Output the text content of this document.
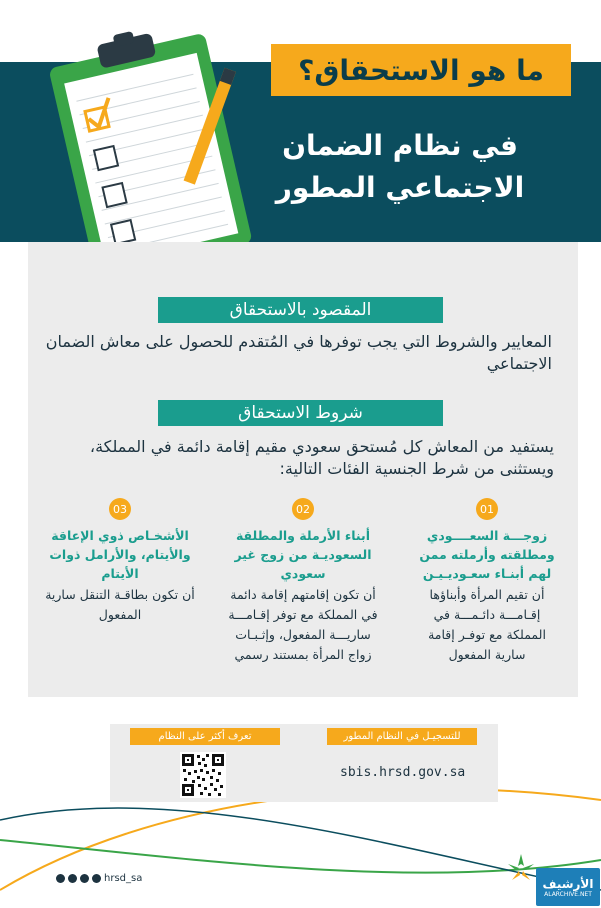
ما هو الاستحقاق؟
في نظام الضمان
الاجتماعي المطور
المقصود بالاستحقاق
المعايير والشروط التي يجب توفرها في المُتقدم للحصول على معاش الضمان الاجتماعي
شروط الاستحقاق
يستفيد من المعاش كل مُستحق سعودي مقيم إقامة دائمة في المملكة، ويستثنى من شرط الجنسية الفئات التالية:
01
زوجـــة السعــــودي ومطلقته وأرملته ممن لهم أبنـاء سعـوديـيـن
أن تقيم المرأة وأبناؤها إقـامـــة دائـمـــة في المملكة مع توفـر إقامة سارية المفعول
02
أبناء الأرملة والمطلقة السعوديـة من زوج غير سعودي
أن تكون إقامتهم إقامة دائمة في المملكة مع توفر إقـامـــة ساريـــة المفعول، وإثـبـات زواج المرأة بمستند رسمي
03
الأشخـاص ذوي الإعاقة والأيتام، والأرامل ذوات الأيتام
أن تكون بطاقـة التنقل سارية المفعول
للتسجيـل في النظام المطور
sbis.hrsd.gov.sa
تعرف أكثر على النظام
hrsd_sa	الأرشيف
ALARCHIVE.NET
